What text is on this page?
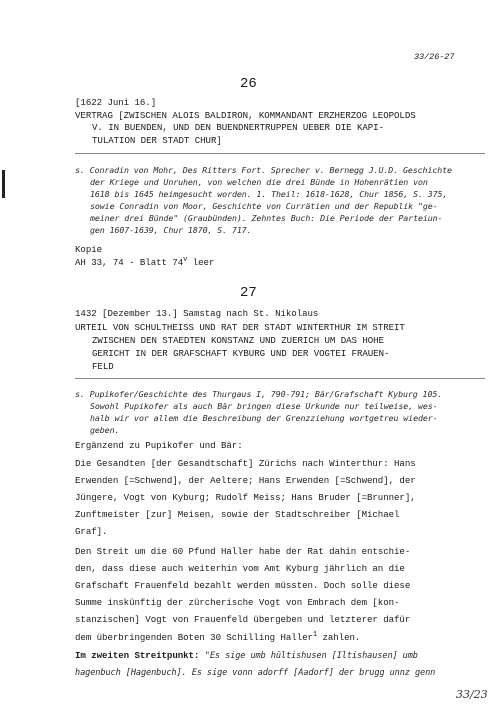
33/26-27
26
[1622 Juni 16.]
VERTRAG [ZWISCHEN ALOIS BALDIRON, KOMMANDANT ERZHERZOG LEOPOLDS
V. IN BUENDEN, UND DEN BUENDNERTRUPPEN UEBER DIE KAPI-
TULATION DER STADT CHUR]
s. Conradin von Mohr, Des Ritters Fort. Sprecher v. Bernegg J.U.D. Geschichte
der Kriege und Unruhen, von welchen die drei Bünde in Hohenrätien von
1618 bis 1645 heimgesucht worden. 1. Theil: 1618-1628, Chur 1856, S. 375,
sowie Conradin von Moor, Geschichte von Currätien und der Republik "ge-
meiner drei Bünde" (Graubünden). Zehntes Buch: Die Periode der Parteiun-
gen 1607-1639, Chur 1870, S. 717.
Kopie
AH 33, 74 - Blatt 74$^v$ leer
27
1432 [Dezember 13.] Samstag nach St. Nikolaus
URTEIL VON SCHULTHEISS UND RAT DER STADT WINTERTHUR IM STREIT
ZWISCHEN DEN STAEDTEN KONSTANZ UND ZUERICH UM DAS HOHE
GERICHT IN DER GRAFSCHAFT KYBURG UND DER VOGTEI FRAUEN-
FELD
s. Pupikofer/Geschichte des Thurgaus I, 790-791; Bär/Grafschaft Kyburg 105.
Sowohl Pupikofer als auch Bär bringen diese Urkunde nur teilweise, wes-
halb wir vor allem die Beschreibung der Grenzziehung wortgetreu wieder-
geben.
Ergänzend zu Pupikofer und Bär:
Die Gesandten [der Gesandtschaft] Zürichs nach Winterthur: Hans
Erwenden [=Schwend], der Aeltere; Hans Erwenden [=Schwend], der
Jüngere, Vogt von Kyburg; Rudolf Meiss; Hans Bruder [=Brunner],
Zunftmeister [zur] Meisen, sowie der Stadtschreiber [Michael
Graf].
Den Streit um die 60 Pfund Haller habe der Rat dahin entschie-
den, dass diese auch weiterhin vom Amt Kyburg jährlich an die
Grafschaft Frauenfeld bezahlt werden müssten. Doch solle diese
Summe inskünftig der zürcherische Vogt von Embrach dem [kon-
stanzischen] Vogt von Frauenfeld übergeben und letzterer dafür
dem überbringenden Boten 30 Schilling Haller$^1$ zahlen.
Im zweiten Streitpunkt: "Es sige umb hültishusen [Iltishausen] umb
hagenbuch [Hagenbuch]. Es sige vonn adorff [Aadorf] der brugg unnz genn
33/23
